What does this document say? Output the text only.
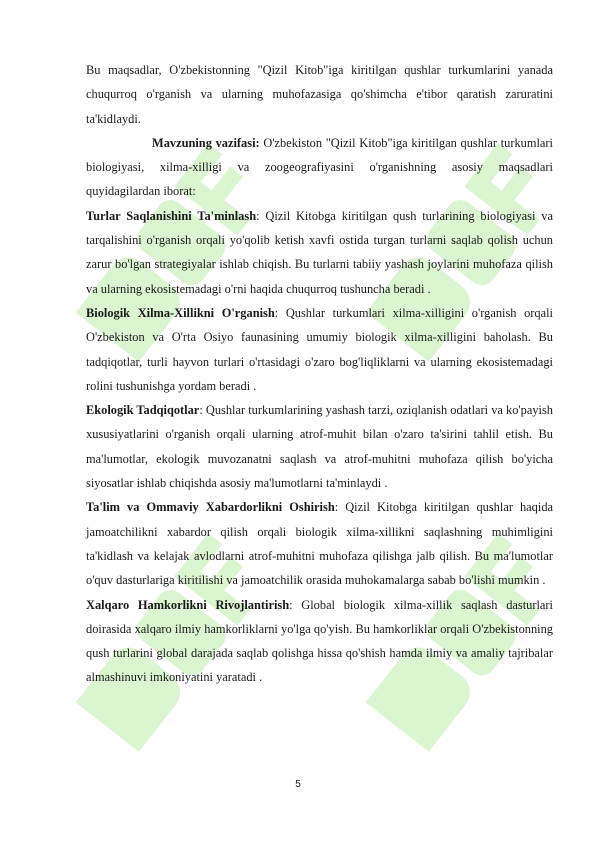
Bu maqsadlar, O'zbekistonning "Qizil Kitob"iga kiritilgan qushlar turkumlarini yanada chuqurroq o'rganish va ularning muhofazasiga qo'shimcha e'tibor qaratish zaruratini ta'kidlaydi.

Mavzuning vazifasi: O'zbekiston "Qizil Kitob"iga kiritilgan qushlar turkumlari biologiyasi, xilma-xilligi va zoogeografiyasini o'rganishning asosiy maqsadlari quyidagilardan iborat:

Turlar Saqlanishini Ta'minlash: Qizil Kitobga kiritilgan qush turlarining biologiyasi va tarqalishini o'rganish orqali yo'qolib ketish xavfi ostida turgan turlarni saqlab qolish uchun zarur bo'lgan strategiyalar ishlab chiqish. Bu turlarni tabiiy yashash joylarini muhofaza qilish va ularning ekosistemadagi o'rni haqida chuqurroq tushuncha beradi .

Biologik Xilma-Xillikni O'rganish: Qushlar turkumlari xilma-xilligini o'rganish orqali O'zbekiston va O'rta Osiyo faunasining umumiy biologik xilma-xilligini baholash. Bu tadqiqotlar, turli hayvon turlari o'rtasidagi o'zaro bog'liqliklarni va ularning ekosistemadagi rolini tushunishga yordam beradi .

Ekologik Tadqiqotlar: Qushlar turkumlarining yashash tarzi, oziqlanish odatlari va ko'payish xususiyatlarini o'rganish orqali ularning atrof-muhit bilan o'zaro ta'sirini tahlil etish. Bu ma'lumotlar, ekologik muvozanatni saqlash va atrof-muhitni muhofaza qilish bo'yicha siyosatlar ishlab chiqishda asosiy ma'lumotlarni ta'minlaydi .

Ta'lim va Ommaviy Xabardorlikni Oshirish: Qizil Kitobga kiritilgan qushlar haqida jamoatchilikni xabardor qilish orqali biologik xilma-xillikni saqlashning muhimligini ta'kidlash va kelajak avlodlarni atrof-muhitni muhofaza qilishga jalb qilish. Bu ma'lumotlar o'quv dasturlariga kiritilishi va jamoatchilik orasida muhokamalarga sabab bo'lishi mumkin .

Xalqaro Hamkorlikni Rivojlantirish: Global biologik xilma-xillik saqlash dasturlari doirasida xalqaro ilmiy hamkorliklarni yo'lga qo'yish. Bu hamkorliklar orqali O'zbekistonning qush turlarini global darajada saqlab qolishga hissa qo'shish hamda ilmiy va amaliy tajribalar almashinuvi imkoniyatini yaratadi .

5
